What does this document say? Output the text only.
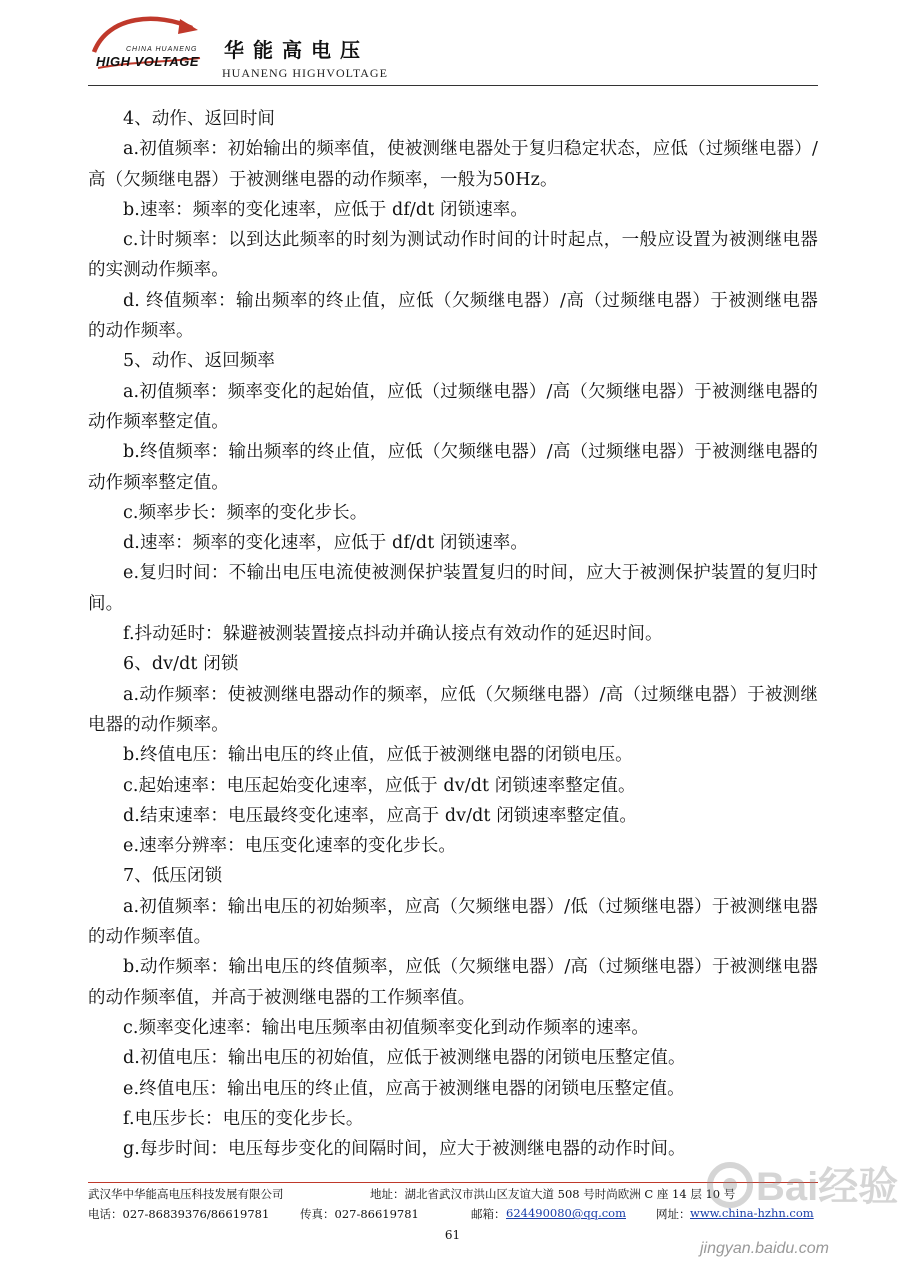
CHINA HUANENG
HIGH VOLTAGE 华能高电压
HUANENG HIGHVOLTAGE

4、动作、返回时间

a.初值频率：初始输出的频率值，使被测继电器处于复归稳定状态，应低（过频继电器）/高（欠频继电器）于被测继电器的动作频率，一般为50Hz。

b.速率：频率的变化速率，应低于 df/dt 闭锁速率。

c.计时频率：以到达此频率的时刻为测试动作时间的计时起点，一般应设置为被测继电器的实测动作频率。

d. 终值频率：输出频率的终止值，应低（欠频继电器）/高（过频继电器）于被测继电器的动作频率。

5、动作、返回频率

a.初值频率：频率变化的起始值，应低（过频继电器）/高（欠频继电器）于被测继电器的动作频率整定值。

b.终值频率：输出频率的终止值，应低（欠频继电器）/高（过频继电器）于被测继电器的动作频率整定值。

c.频率步长：频率的变化步长。

d.速率：频率的变化速率，应低于 df/dt 闭锁速率。

e.复归时间：不输出电压电流使被测保护装置复归的时间，应大于被测保护装置的复归时间。

f.抖动延时：躲避被测装置接点抖动并确认接点有效动作的延迟时间。

6、dv/dt 闭锁

a.动作频率：使被测继电器动作的频率，应低（欠频继电器）/高（过频继电器）于被测继电器的动作频率。

b.终值电压：输出电压的终止值，应低于被测继电器的闭锁电压。

c.起始速率：电压起始变化速率，应低于 dv/dt 闭锁速率整定值。

d.结束速率：电压最终变化速率，应高于 dv/dt 闭锁速率整定值。

e.速率分辨率：电压变化速率的变化步长。

7、低压闭锁

a.初值频率：输出电压的初始频率，应高（欠频继电器）/低（过频继电器）于被测继电器的动作频率值。

b.动作频率：输出电压的终值频率，应低（欠频继电器）/高（过频继电器）于被测继电器的动作频率值，并高于被测继电器的工作频率值。

c.频率变化速率：输出电压频率由初值频率变化到动作频率的速率。

d.初值电压：输出电压的初始值，应低于被测继电器的闭锁电压整定值。

e.终值电压：输出电压的终止值，应高于被测继电器的闭锁电压整定值。

f.电压步长：电压的变化步长。

g.每步时间：电压每步变化的间隔时间，应大于被测继电器的动作时间。

武汉华中华能高电压科技发展有限公司	地址：湖北省武汉市洪山区友谊大道 508 号时尚欧洲 C 座 14 层 10 号
电话：027-86839376/86619781	传真：027-86619781	邮箱： 624490080@qq.com	网址： www.china-hzhn.com
61
Bai经验
jingyan.baidu.com
